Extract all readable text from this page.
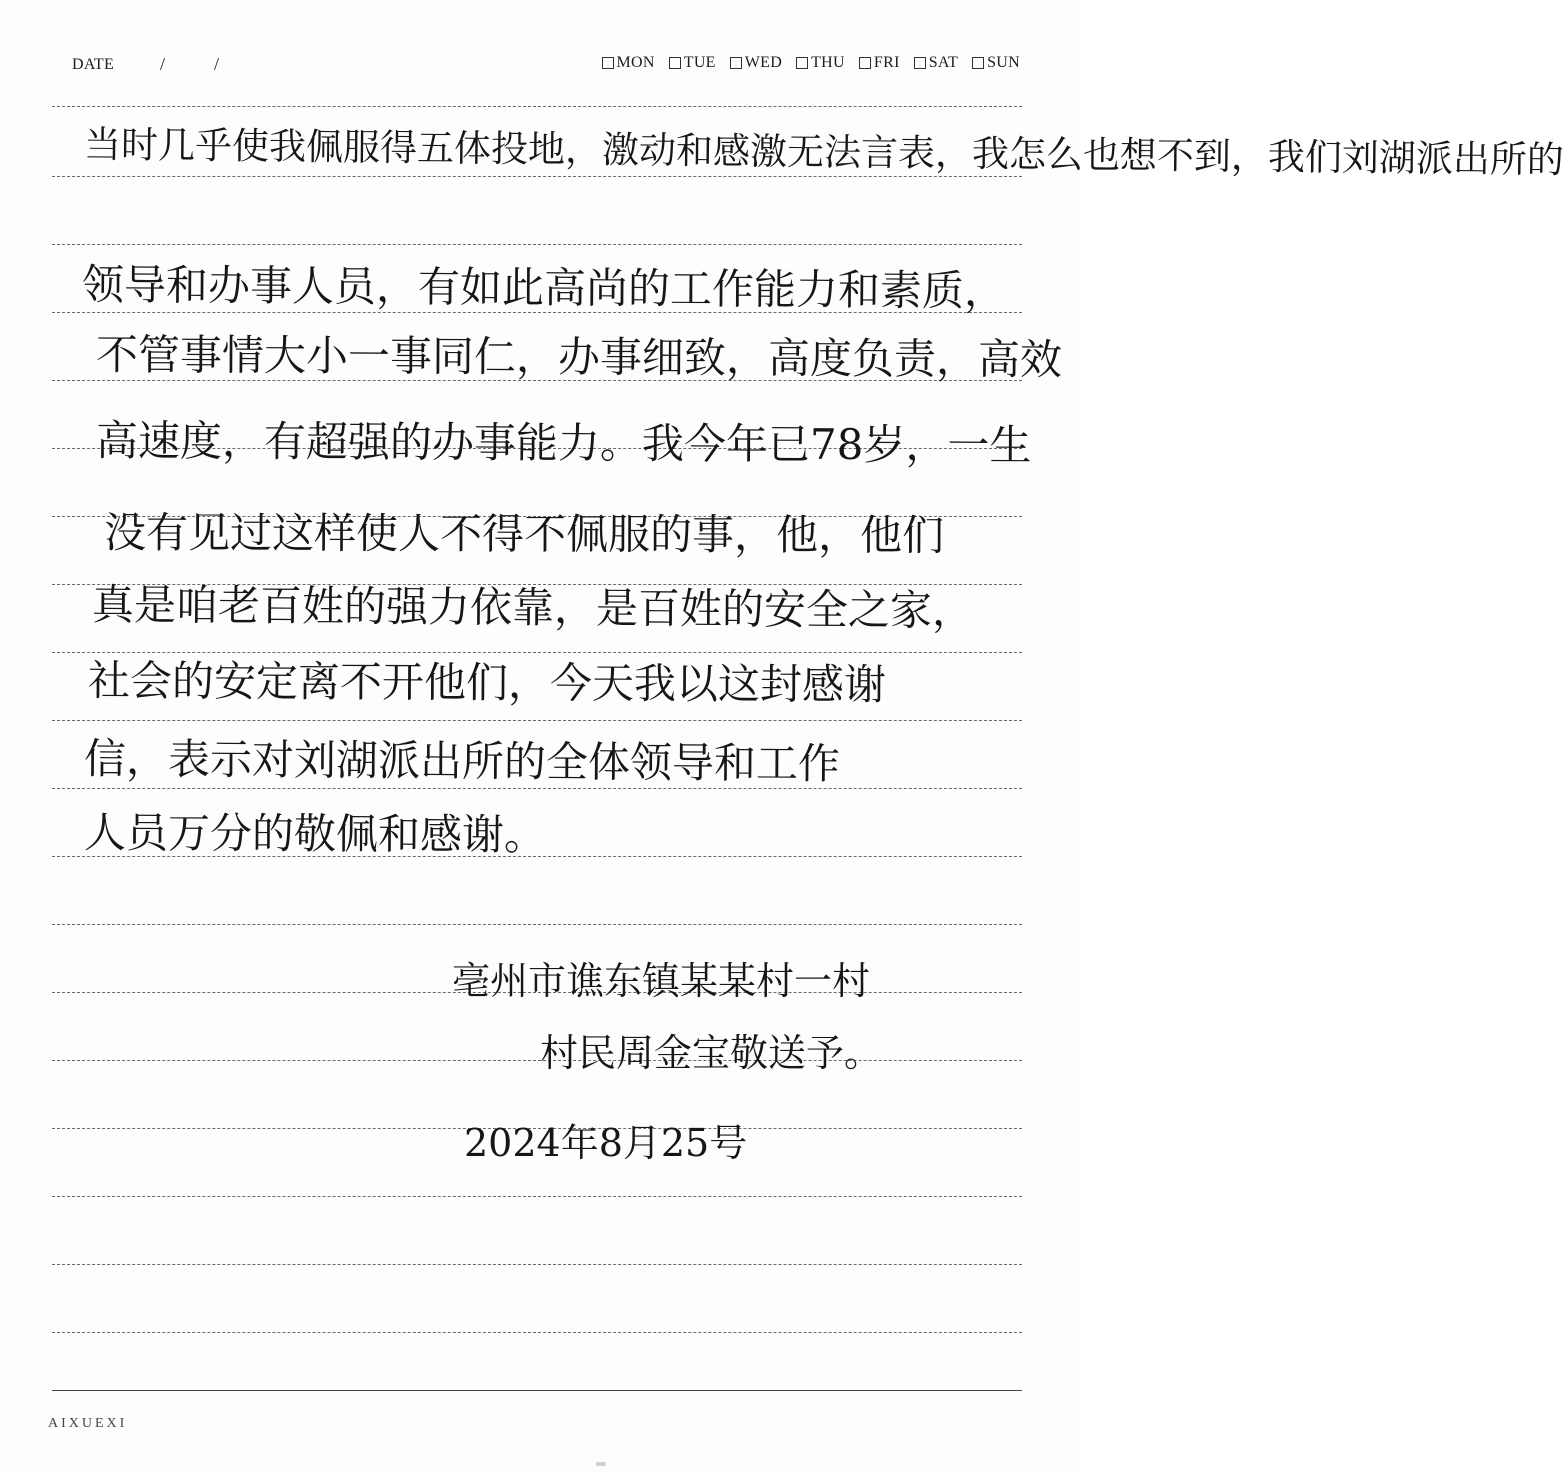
DATE	/	/	MON TUE WED THU FRI SAT SUN
当时几乎使我佩服得五体投地，激动和感激无法言表，我怎么也想不到，我们刘湖派出所的
领导和办事人员，有如此高尚的工作能力和素质，
不管事情大小一事同仁，办事细致，高度负责，高效
高速度，有超强的办事能力。我今年已78岁，一生
没有见过这样使人不得不佩服的事，他，他们
真是咱老百姓的强力依靠，是百姓的安全之家，
社会的安定离不开他们，今天我以这封感谢
信，表示对刘湖派出所的全体领导和工作
人员万分的敬佩和感谢。
亳州市谯东镇某某村一村
村民周金宝敬送予。
2024年8月25号
AIXUEXI
